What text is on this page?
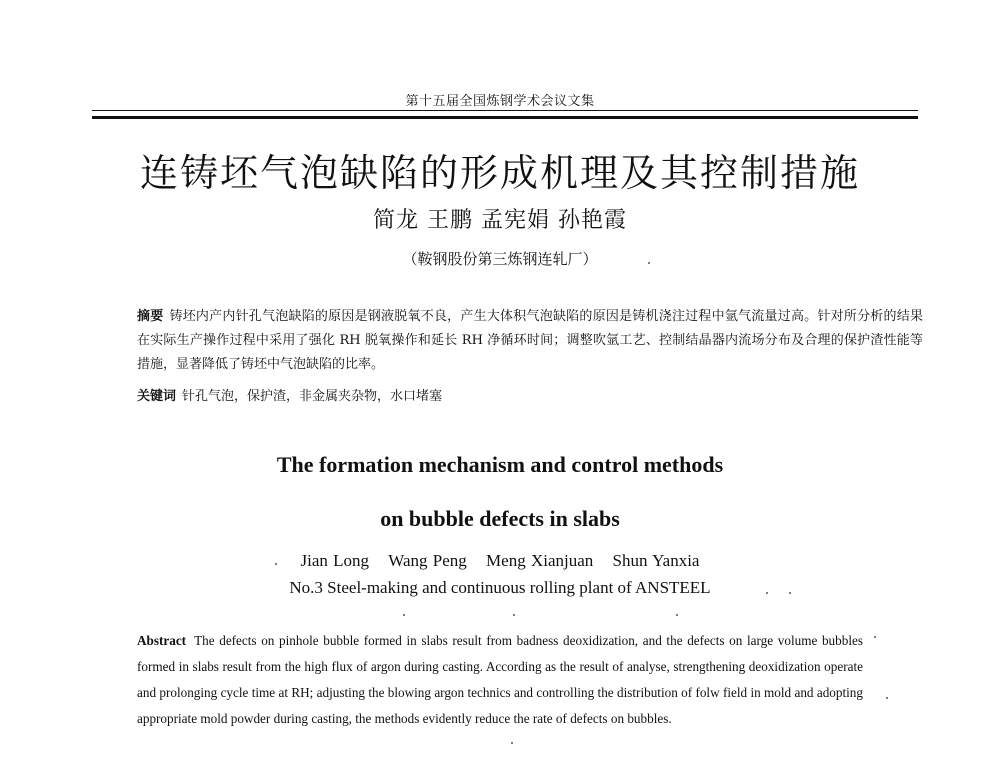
第十五届全国炼钢学术会议文集
连铸坯气泡缺陷的形成机理及其控制措施
简龙 王鹏 孟宪娟 孙艳霞
（鞍钢股份第三炼钢连轧厂）
摘要 铸坯内产内针孔气泡缺陷的原因是钢液脱氧不良，产生大体积气泡缺陷的原因是铸机浇注过程中氩气流量过高。针对所分析的结果在实际生产操作过程中采用了强化 RH 脱氧操作和延长 RH 净循环时间；调整吹氩工艺、控制结晶器内流场分布及合理的保护渣性能等措施，显著降低了铸坯中气泡缺陷的比率。
关键词 针孔气泡，保护渣，非金属夹杂物，水口堵塞
The formation mechanism and control methods
on bubble defects in slabs
Jian Long Wang Peng Meng Xianjuan Shun Yanxia
No.3 Steel-making and continuous rolling plant of ANSTEEL
Abstract The defects on pinhole bubble formed in slabs result from badness deoxidization, and the defects on large volume bubbles formed in slabs result from the high flux of argon during casting. According as the result of analyse, strengthening deoxidization operate and prolonging cycle time at RH; adjusting the blowing argon technics and controlling the distribution of folw field in mold and adopting appropriate mold powder during casting, the methods evidently reduce the rate of defects on bubbles.
